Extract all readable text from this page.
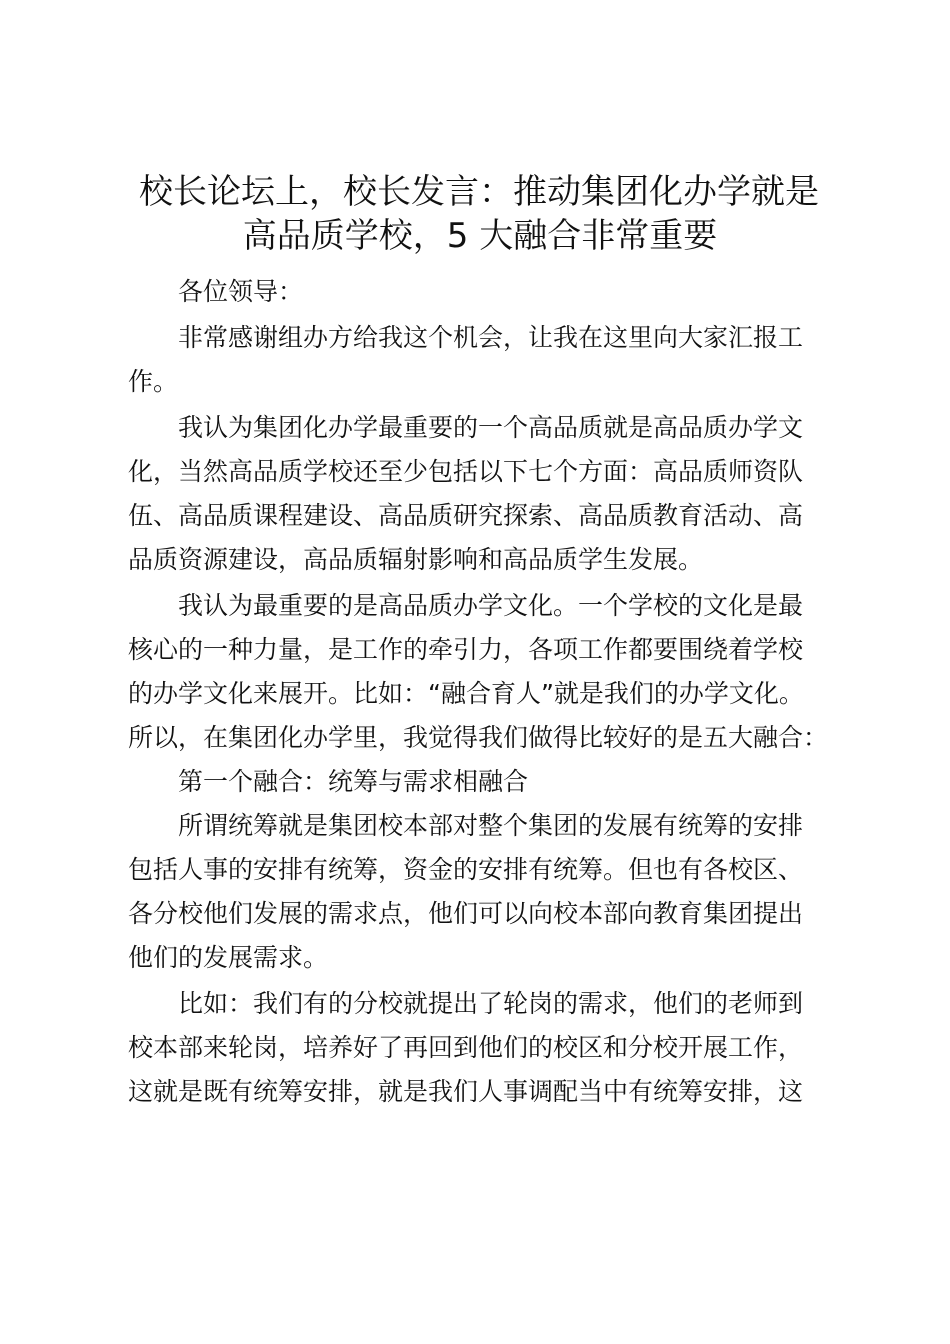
校长论坛上，校长发言：推动集团化办学就是
高品质学校，5 大融合非常重要

各位领导：

非常感谢组办方给我这个机会，让我在这里向大家汇报工
作。

我认为集团化办学最重要的一个高品质就是高品质办学文
化，当然高品质学校还至少包括以下七个方面：高品质师资队
伍、高品质课程建设、高品质研究探索、高品质教育活动、高
品质资源建设，高品质辐射影响和高品质学生发展。

我认为最重要的是高品质办学文化。一个学校的文化是最
核心的一种力量，是工作的牵引力，各项工作都要围绕着学校
的办学文化来展开。比如：“融合育人”就是我们的办学文化。
所以，在集团化办学里，我觉得我们做得比较好的是五大融合：

第一个融合：统筹与需求相融合

所谓统筹就是集团校本部对整个集团的发展有统筹的安排
包括人事的安排有统筹，资金的安排有统筹。但也有各校区、
各分校他们发展的需求点，他们可以向校本部向教育集团提出
他们的发展需求。

比如：我们有的分校就提出了轮岗的需求，他们的老师到
校本部来轮岗，培养好了再回到他们的校区和分校开展工作，
这就是既有统筹安排，就是我们人事调配当中有统筹安排，这
